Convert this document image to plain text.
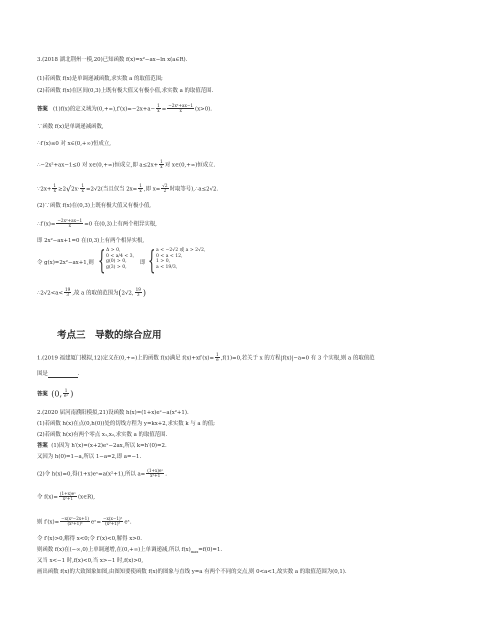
3.(2018 湖北荆州一模,20)已知函数 f(x)=x²−ax−ln x(a∈R).
(1)若函数 f(x)是单调递减函数,求实数 a 的取值范围;
(2)若函数 f(x)在区间(0,3)上既有极大值又有极小值,求实数 a 的取值范围.
答案 (1)f(x)的定义域为$(0,+\infty),f'(x)=-2x+a- \frac{1}{x} = \frac{\text{−2x²+ax−1}}{x} (x>0)$.
∵函数 f(x)是单调递减函数,
∴f′(x)≤0 对 x∈(0,+∞)恒成立,
∴−2x²+ax−1≤0 对 x∈(0,+∞)恒成立,即 $a\le 2x+ \frac{1}{x}$ 对 x∈(0,+∞)恒成立.
∵2x+ $\frac{1}{x} \ge 2√2x\cdot \frac{1}{x} =2√2$(当且仅当 $2x= \frac{1}{x}$ ,即 $x= \frac{√2}{2}$ 时取等号),∴a≤2√2.
(2)∵函数 f(x)在(0,3)上既有极大值又有极小值,
∴f′(x)= $\frac{\text{−2x²+ax−1}}{x} =0$ 在(0,3)上有两个相异实根,
即 2x²−ax+1=0 在(0,3)上有两个相异实根,
令 g(x)=2x²−ax+1,则 { Δ > 0,
0 < a/4 < 3,
g(0) > 0,
g(3) > 0,
即 { a < −2√2 或 a > 2√2,
0 < a < 12,
1 > 0,
a < 19/3,
∴2√2<a< $\frac{19}{3}$ ,故 a 的取值范围为(2√2, $\frac{19}{3}$ )
考点三　导数的综合应用
1.(2019 福建厦门模拟,12)定义在(0,+∞)上的函数 f(x)满足 $f(x)+xf'(x)= \frac{1}{e} ,f(1)=0$,若关于 x 的方程|f(x)|−a=0 有 3 个实根,则 a 的取值范
围是	.
答案 (0, $\frac{1}{\text{eˣ}}$ )
2.(2020 届河南濮阳模拟,21)设函数 h(x)=(1+x)eˣ−a(x²+1).
(1)若函数 h(x)在点(0,h(0))处的切线方程为 y=kx+2,求实数 k 与 a 的值;
(2)若函数 h(x)有两个零点 x₁,x₂,求实数 a 的取值范围.
答案 (1)因为 h′(x)=(x+2)eˣ−2ax,所以 k=h′(0)=2.
又因为 h(0)=1−a,所以 1−a=2,即 a=−1.
(2)令 h(x)=0,得(1+x)eˣ=a(x²+1),所以 $a= \frac{\text{(1+x)eˣ}}{\text{x²+1}}$ .
令 $f(x)= \frac{\text{(1+x)eˣ}}{\text{x²+1}}$ (x∈R),
则 $f'(x)= \frac{\text{−x(x²−2x+1)}}{\text{(x²+1)²}}$ eˣ= $\frac{\text{−x(x−1)²}}{\text{(x²+1)²}}$ eˣ.
令 f′(x)>0,解得 x<0;令 f′(x)<0,解得 x>0.
则函数 f(x)在(−∞,0)上单调递增,在(0,+∞)上单调递减,所以 $f(x)_{max}=f(0)=1$.
又当 x<−1 时,f(x)<0,当 x>−1 时,f(x)>0,
画出函数 f(x)的大致图象如图,由图知要使函数 f(x)的图象与直线 y=a 有两个不同的交点,则 0<a<1,故实数 a 的取值范围为(0,1).
